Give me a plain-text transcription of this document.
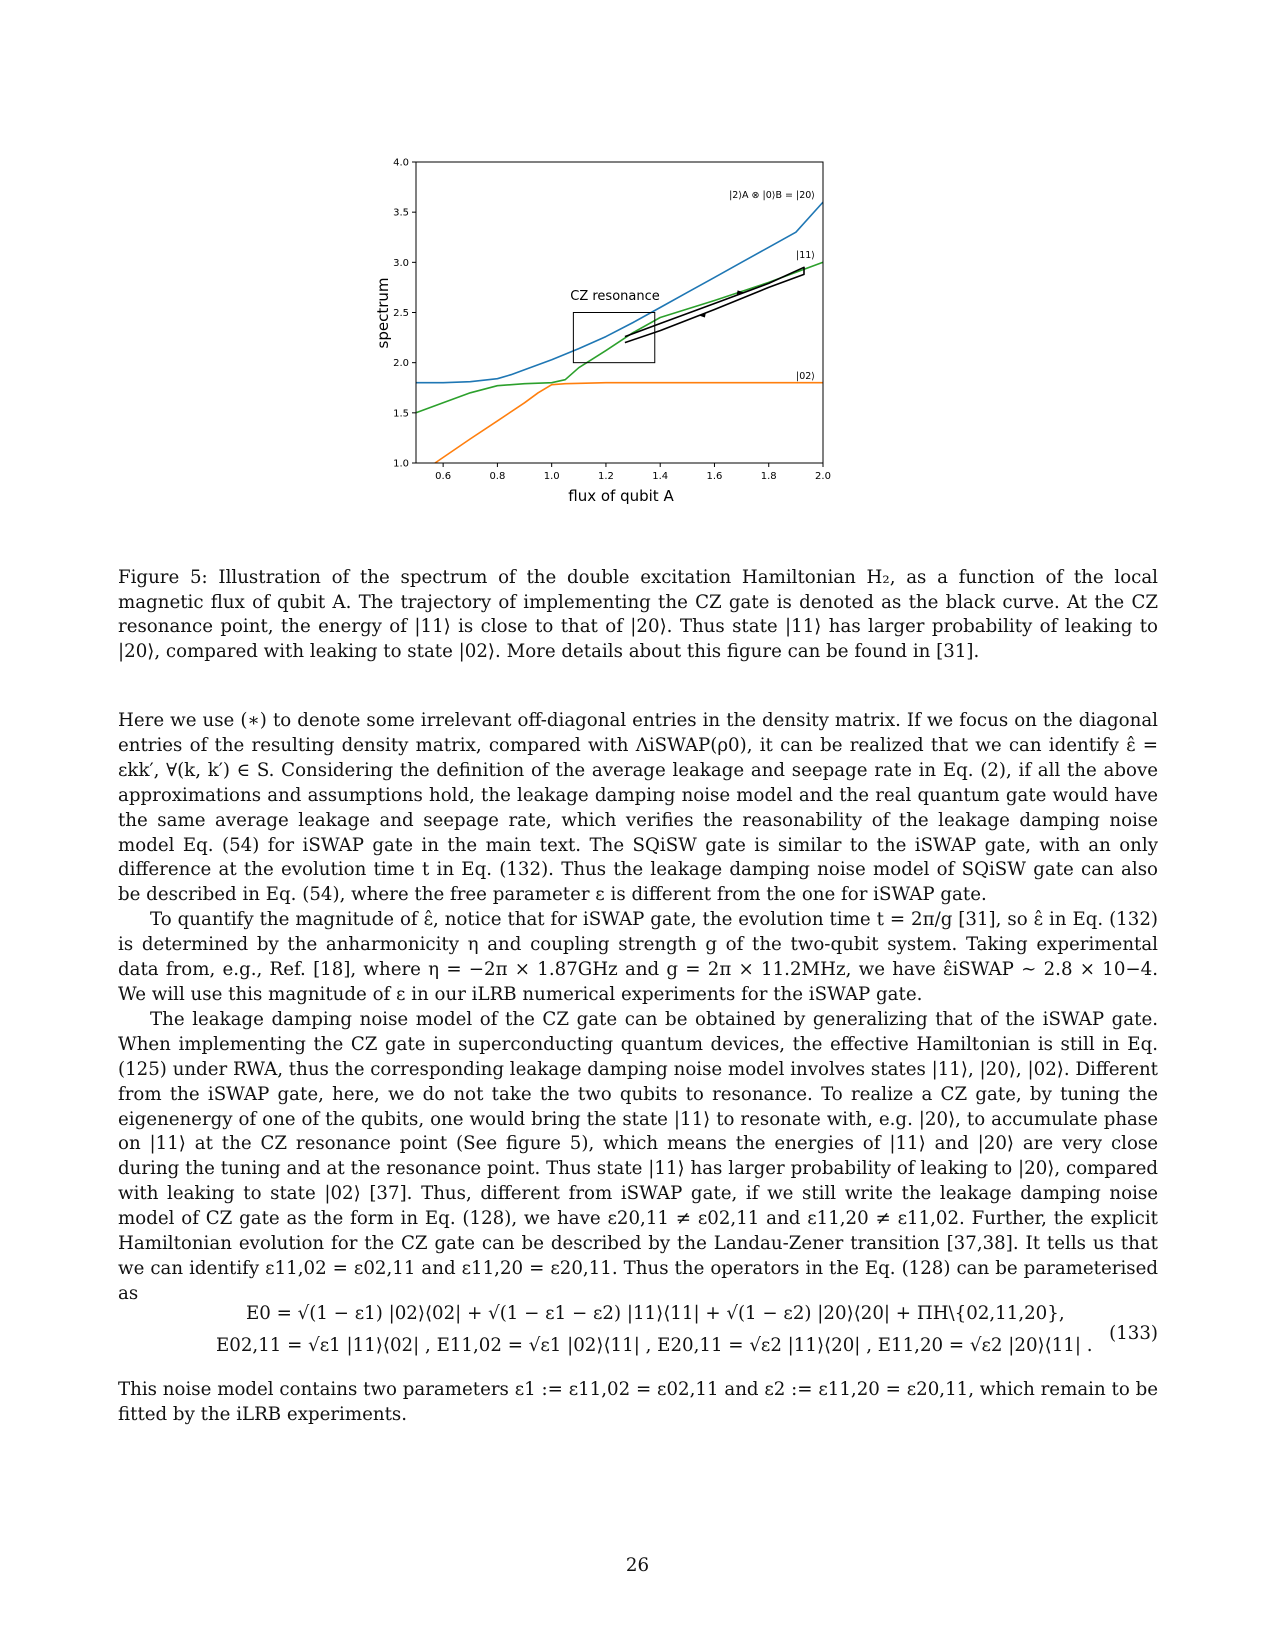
spectrum
flux of qubit A
0.6	0.8	1.0	1.2	1.4	1.6	1.8	2.0
1.0
1.5
2.0
2.5
3.0
3.5
4.0
CZ resonance
|2⟩A ⊗ |0⟩B = |20⟩
|11⟩
|02⟩
Figure 5: Illustration of the spectrum of the double excitation Hamiltonian H₂, as a function of the local magnetic flux of qubit A. The trajectory of implementing the CZ gate is denoted as the black curve. At the CZ resonance point, the energy of |11⟩ is close to that of |20⟩. Thus state |11⟩ has larger probability of leaking to |20⟩, compared with leaking to state |02⟩. More details about this figure can be found in [31].

Here we use (∗) to denote some irrelevant off-diagonal entries in the density matrix. If we focus on the diagonal entries of the resulting density matrix, compared with ΛiSWAP(ρ0), it can be realized that we can identify ε̂ = εkk′, ∀(k, k′) ∈ S. Considering the definition of the average leakage and seepage rate in Eq. (2), if all the above approximations and assumptions hold, the leakage damping noise model and the real quantum gate would have the same average leakage and seepage rate, which verifies the reasonability of the leakage damping noise model Eq. (54) for iSWAP gate in the main text. The SQiSW gate is similar to the iSWAP gate, with an only difference at the evolution time t in Eq. (132). Thus the leakage damping noise model of SQiSW gate can also be described in Eq. (54), where the free parameter ε is different from the one for iSWAP gate.

To quantify the magnitude of ε̂, notice that for iSWAP gate, the evolution time t = 2π/g [31], so ε̂ in Eq. (132) is determined by the anharmonicity η and coupling strength g of the two-qubit system. Taking experimental data from, e.g., Ref. [18], where η = −2π × 1.87GHz and g = 2π × 11.2MHz, we have ε̂iSWAP ∼ 2.8 × 10−4. We will use this magnitude of ε in our iLRB numerical experiments for the iSWAP gate.

The leakage damping noise model of the CZ gate can be obtained by generalizing that of the iSWAP gate. When implementing the CZ gate in superconducting quantum devices, the effective Hamiltonian is still in Eq. (125) under RWA, thus the corresponding leakage damping noise model involves states |11⟩, |20⟩, |02⟩. Different from the iSWAP gate, here, we do not take the two qubits to resonance. To realize a CZ gate, by tuning the eigenenergy of one of the qubits, one would bring the state |11⟩ to resonate with, e.g. |20⟩, to accumulate phase on |11⟩ at the CZ resonance point (See figure 5), which means the energies of |11⟩ and |20⟩ are very close during the tuning and at the resonance point. Thus state |11⟩ has larger probability of leaking to |20⟩, compared with leaking to state |02⟩ [37]. Thus, different from iSWAP gate, if we still write the leakage damping noise model of CZ gate as the form in Eq. (128), we have ε20,11 ≠ ε02,11 and ε11,20 ≠ ε11,02. Further, the explicit Hamiltonian evolution for the CZ gate can be described by the Landau-Zener transition [37,38]. It tells us that we can identify ε11,02 = ε02,11 and ε11,20 = ε20,11. Thus the operators in the Eq. (128) can be parameterised as

E0 = √(1 − ε1) |02⟩⟨02| + √(1 − ε1 − ε2) |11⟩⟨11| + √(1 − ε2) |20⟩⟨20| + ΠH\{02,11,20},
E02,11 = √ε1 |11⟩⟨02| , E11,02 = √ε1 |02⟩⟨11| , E20,11 = √ε2 |11⟩⟨20| , E11,20 = √ε2 |20⟩⟨11| .
(133)

This noise model contains two parameters ε1 := ε11,02 = ε02,11 and ε2 := ε11,20 = ε20,11, which remain to be fitted by the iLRB experiments.

26
